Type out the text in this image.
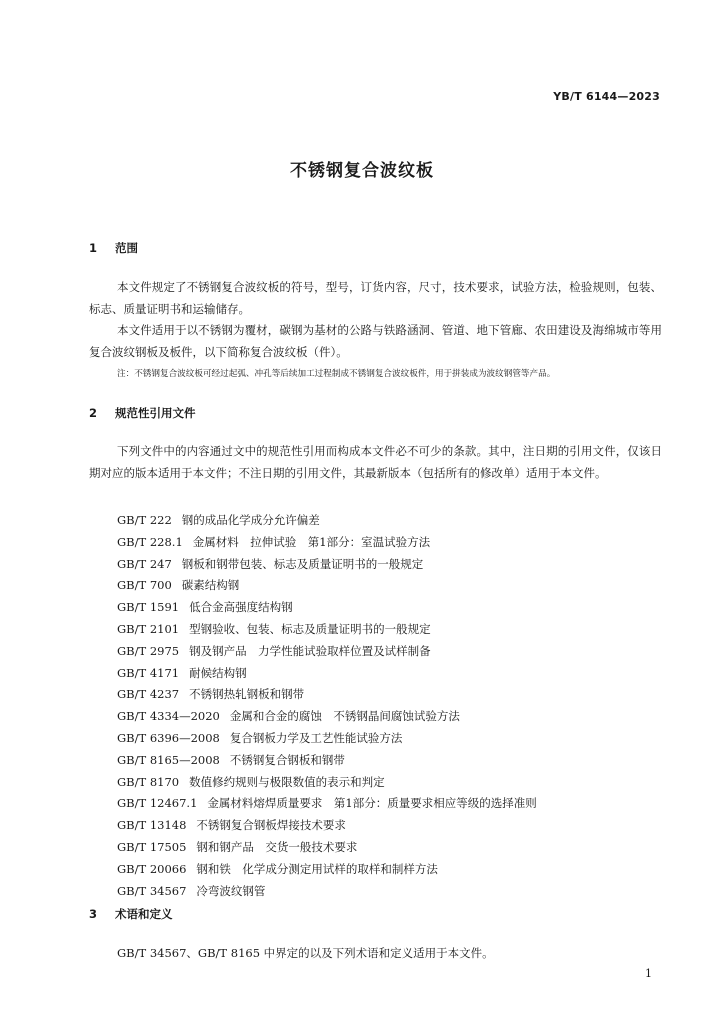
YB/T 6144—2023
不锈钢复合波纹板
1 范围

本文件规定了不锈钢复合波纹板的符号，型号，订货内容，尺寸，技术要求，试验方法，检验规则，包装、标志、质量证明书和运输储存。

本文件适用于以不锈钢为覆材，碳钢为基材的公路与铁路涵洞、管道、地下管廊、农田建设及海绵城市等用复合波纹钢板及板件，以下简称复合波纹板（件）。

注：不锈钢复合波纹板可经过起弧、冲孔等后续加工过程制成不锈钢复合波纹板件，用于拼装成为波纹钢管等产品。
2 规范性引用文件

下列文件中的内容通过文中的规范性引用而构成本文件必不可少的条款。其中，注日期的引用文件，仅该日期对应的版本适用于本文件；不注日期的引用文件，其最新版本（包括所有的修改单）适用于本文件。

GB/T 222 钢的成品化学成分允许偏差
GB/T 228.1 金属材料　拉伸试验　第1部分：室温试验方法
GB/T 247 钢板和钢带包装、标志及质量证明书的一般规定
GB/T 700 碳素结构钢
GB/T 1591 低合金高强度结构钢
GB/T 2101 型钢验收、包装、标志及质量证明书的一般规定
GB/T 2975 钢及钢产品　力学性能试验取样位置及试样制备
GB/T 4171 耐候结构钢
GB/T 4237 不锈钢热轧钢板和钢带
GB/T 4334—2020 金属和合金的腐蚀　不锈钢晶间腐蚀试验方法
GB/T 6396—2008 复合钢板力学及工艺性能试验方法
GB/T 8165—2008 不锈钢复合钢板和钢带
GB/T 8170 数值修约规则与极限数值的表示和判定
GB/T 12467.1 金属材料熔焊质量要求　第1部分：质量要求相应等级的选择准则
GB/T 13148 不锈钢复合钢板焊接技术要求
GB/T 17505 钢和钢产品　交货一般技术要求
GB/T 20066 钢和铁　化学成分测定用试样的取样和制样方法
GB/T 34567 冷弯波纹钢管
3 术语和定义

GB/T 34567、GB/T 8165 中界定的以及下列术语和定义适用于本文件。

1
